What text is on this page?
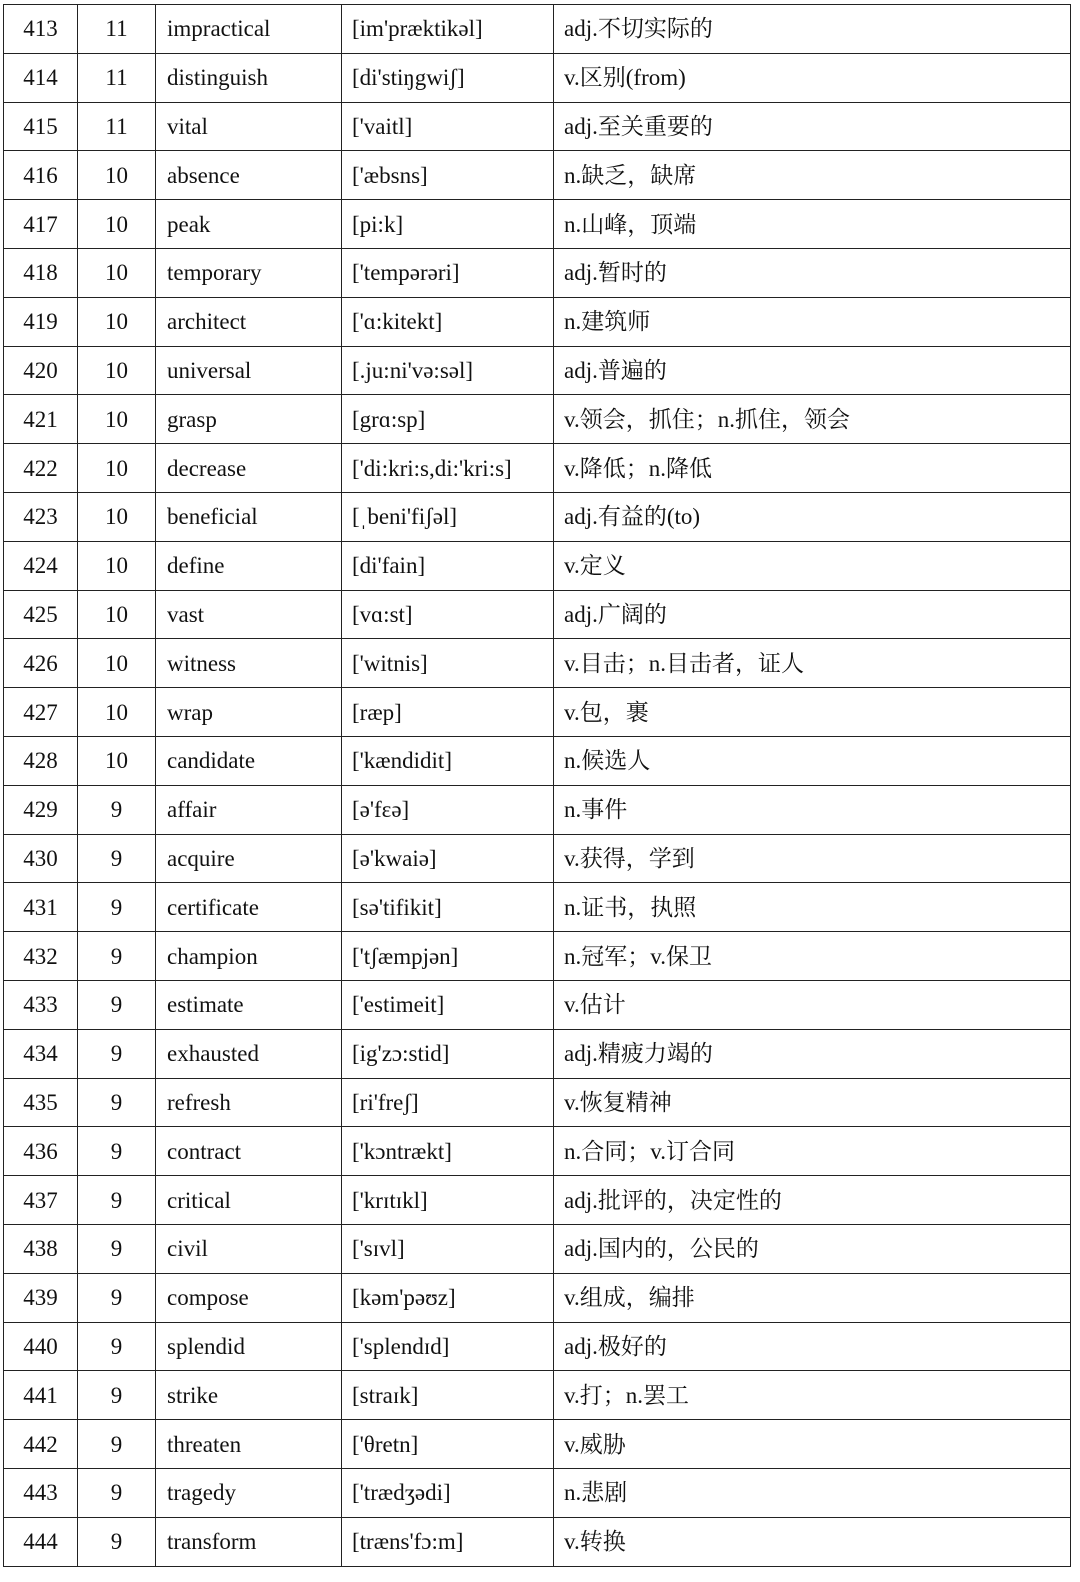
413	11	impractical	[im'præktikəl]	adj.不切实际的
414	11	distinguish	[di'stiŋgwiʃ]	v.区别(from)
415	11	vital	['vaitl]	adj.至关重要的
416	10	absence	['æbsns]	n.缺乏，缺席
417	10	peak	[pi:k]	n.山峰，顶端
418	10	temporary	['tempərəri]	adj.暂时的
419	10	architect	['ɑ:kitekt]	n.建筑师
420	10	universal	[.ju:ni'və:səl]	adj.普遍的
421	10	grasp	[grɑ:sp]	v.领会，抓住；n.抓住，领会
422	10	decrease	['di:kri:s,di:'kri:s]	v.降低；n.降低
423	10	beneficial	[ˌbeni'fiʃəl]	adj.有益的(to)
424	10	define	[di'fain]	v.定义
425	10	vast	[vɑ:st]	adj.广阔的
426	10	witness	['witnis]	v.目击；n.目击者，证人
427	10	wrap	[ræp]	v.包，裹
428	10	candidate	['kændidit]	n.候选人
429	9	affair	[ə'fɛə]	n.事件
430	9	acquire	[ə'kwaiə]	v.获得，学到
431	9	certificate	[sə'tifikit]	n.证书，执照
432	9	champion	['tʃæmpjən]	n.冠军；v.保卫
433	9	estimate	['estimeit]	v.估计
434	9	exhausted	[ig'zɔ:stid]	adj.精疲力竭的
435	9	refresh	[ri'freʃ]	v.恢复精神
436	9	contract	['kɔntrækt]	n.合同；v.订合同
437	9	critical	['krɪtɪkl]	adj.批评的，决定性的
438	9	civil	['sɪvl]	adj.国内的，公民的
439	9	compose	[kəm'pəʊz]	v.组成，编排
440	9	splendid	['splendɪd]	adj.极好的
441	9	strike	[straɪk]	v.打；n.罢工
442	9	threaten	['θretn]	v.威胁
443	9	tragedy	['trædʒədi]	n.悲剧
444	9	transform	[træns'fɔ:m]	v.转换
